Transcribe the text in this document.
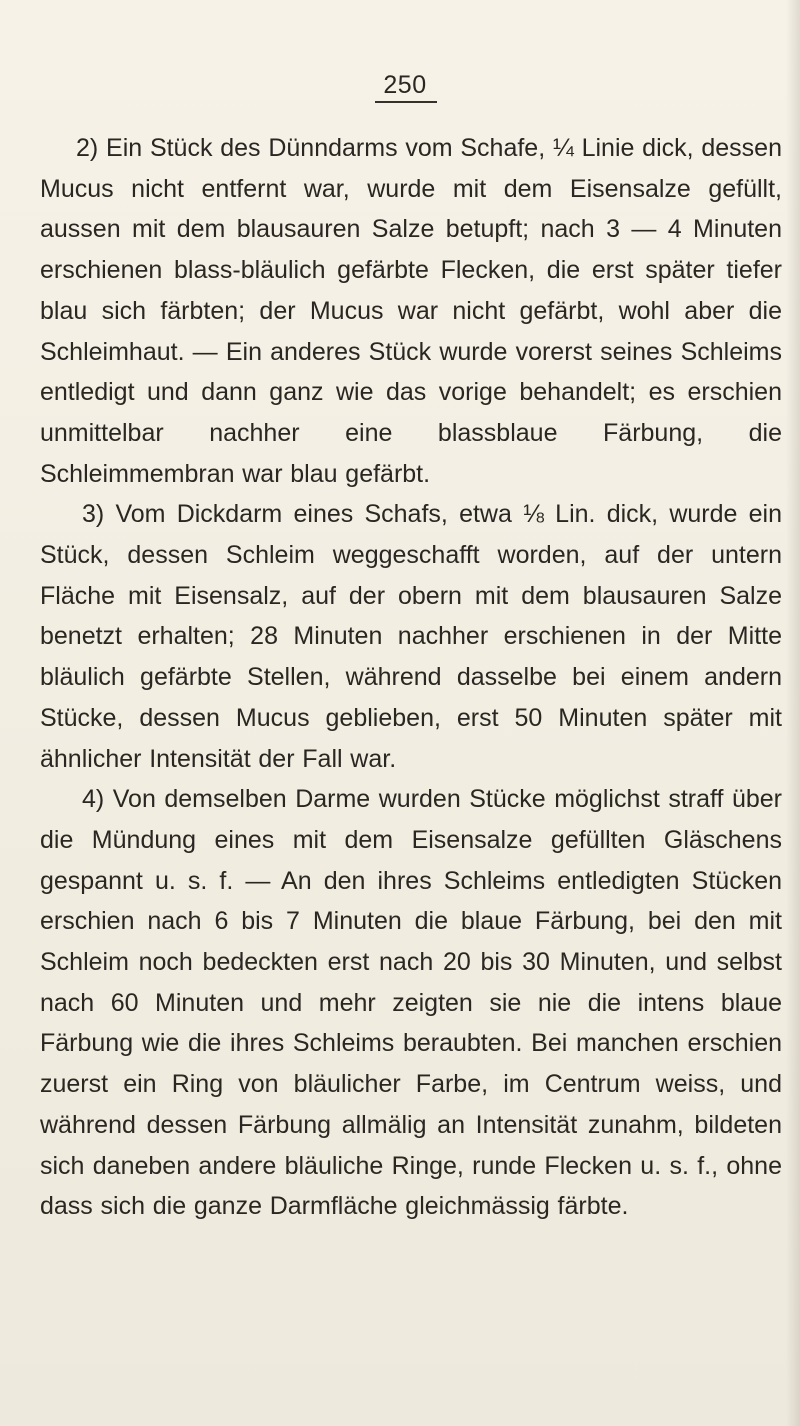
250

2) Ein Stück des Dünndarms vom Schafe, ¼ Linie dick, dessen Mucus nicht entfernt war, wurde mit dem Eisensalze gefüllt, aussen mit dem blausauren Salze betupft; nach 3 — 4 Minuten erschienen blass-bläulich gefärbte Flecken, die erst später tiefer blau sich färbten; der Mucus war nicht gefärbt, wohl aber die Schleimhaut. — Ein anderes Stück wurde vorerst seines Schleims entledigt und dann ganz wie das vorige behandelt; es erschien unmittelbar nachher eine blassblaue Färbung, die Schleimmembran war blau gefärbt.

3) Vom Dickdarm eines Schafs, etwa ⅛ Lin. dick, wurde ein Stück, dessen Schleim weggeschafft worden, auf der untern Fläche mit Eisensalz, auf der obern mit dem blausauren Salze benetzt erhalten; 28 Minuten nachher erschienen in der Mitte bläulich gefärbte Stellen, während dasselbe bei einem andern Stücke, dessen Mucus geblieben, erst 50 Minuten später mit ähnlicher Intensität der Fall war.

4) Von demselben Darme wurden Stücke möglichst straff über die Mündung eines mit dem Eisensalze gefüllten Gläschens gespannt u. s. f. — An den ihres Schleims entledigten Stücken erschien nach 6 bis 7 Minuten die blaue Färbung, bei den mit Schleim noch bedeckten erst nach 20 bis 30 Minuten, und selbst nach 60 Minuten und mehr zeigten sie nie die intens blaue Färbung wie die ihres Schleims beraubten. Bei manchen erschien zuerst ein Ring von bläulicher Farbe, im Centrum weiss, und während dessen Färbung allmälig an Intensität zunahm, bildeten sich daneben andere bläuliche Ringe, runde Flecken u. s. f., ohne dass sich die ganze Darmfläche gleichmässig färbte.
